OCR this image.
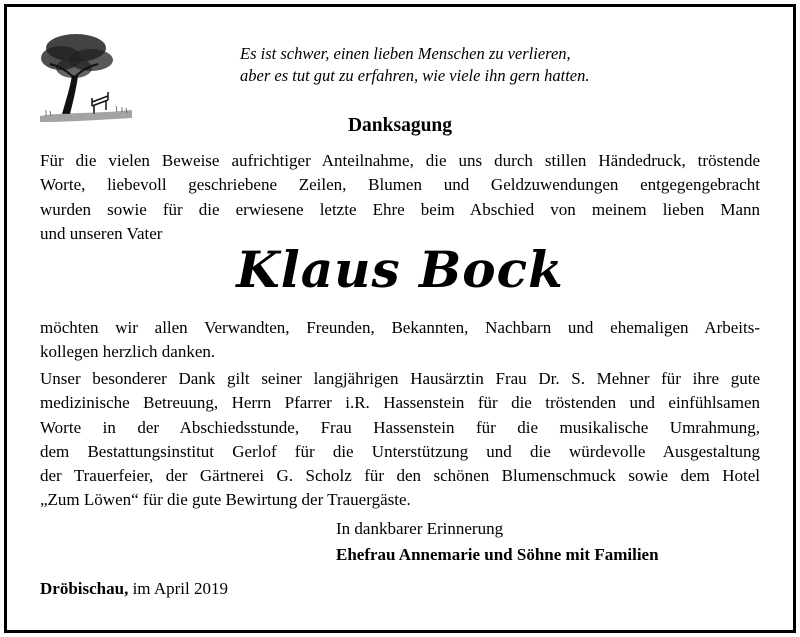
Es ist schwer, einen lieben Menschen zu verlieren,
aber es tut gut zu erfahren, wie viele ihn gern hatten.
Danksagung
Für die vielen Beweise aufrichtiger Anteilnahme, die uns durch stillen Händedruck, tröstende
Worte, liebevoll geschriebene Zeilen, Blumen und Geldzuwendungen entgegengebracht
wurden sowie für die erwiesene letzte Ehre beim Abschied von meinem lieben Mann
und unseren Vater
Klaus Bock
möchten wir allen Verwandten, Freunden, Bekannten, Nachbarn und ehemaligen Arbeits-
kollegen herzlich danken.
Unser besonderer Dank gilt seiner langjährigen Hausärztin Frau Dr. S. Mehner für ihre gute
medizinische Betreuung, Herrn Pfarrer i.R. Hassenstein für die tröstenden und einfühlsamen
Worte in der Abschiedsstunde, Frau Hassenstein für die musikalische Umrahmung,
dem Bestattungsinstitut Gerlof für die Unterstützung und die würdevolle Ausgestaltung
der Trauerfeier, der Gärtnerei G. Scholz für den schönen Blumenschmuck sowie dem Hotel
„Zum Löwen“ für die gute Bewirtung der Trauergäste.
In dankbarer Erinnerung
Ehefrau Annemarie und Söhne mit Familien
Dröbischau, im April 2019
